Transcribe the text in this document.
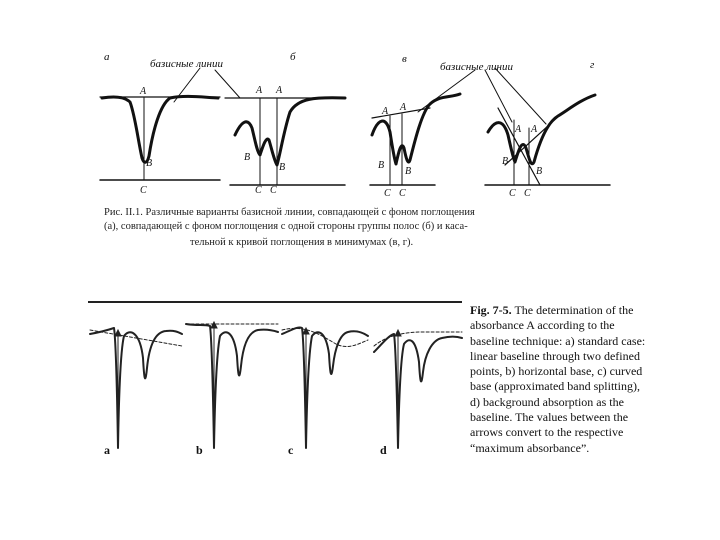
а	б	в	г
базисные линии	базисные линии
A
B
C
A A
B
B
C C
A A
B
B
C C
A A
B
B
C C
Рис. II.1. Различные варианты базисной линии, совпадающей с фоном поглощения
(а), совпадающей с фоном поглощения с одной стороны группы полос (б) и каса-
тельной к кривой поглощения в минимумах (в, г).
a	b	c	d
Fig. 7-5. The determination of the absorbance A according to the baseline technique: a) standard case: linear baseline through two defined points, b) horizontal base, c) curved base (approximated band splitting), d) background absorption as the baseline. The values between the arrows convert to the respective “maximum absorbance”.
